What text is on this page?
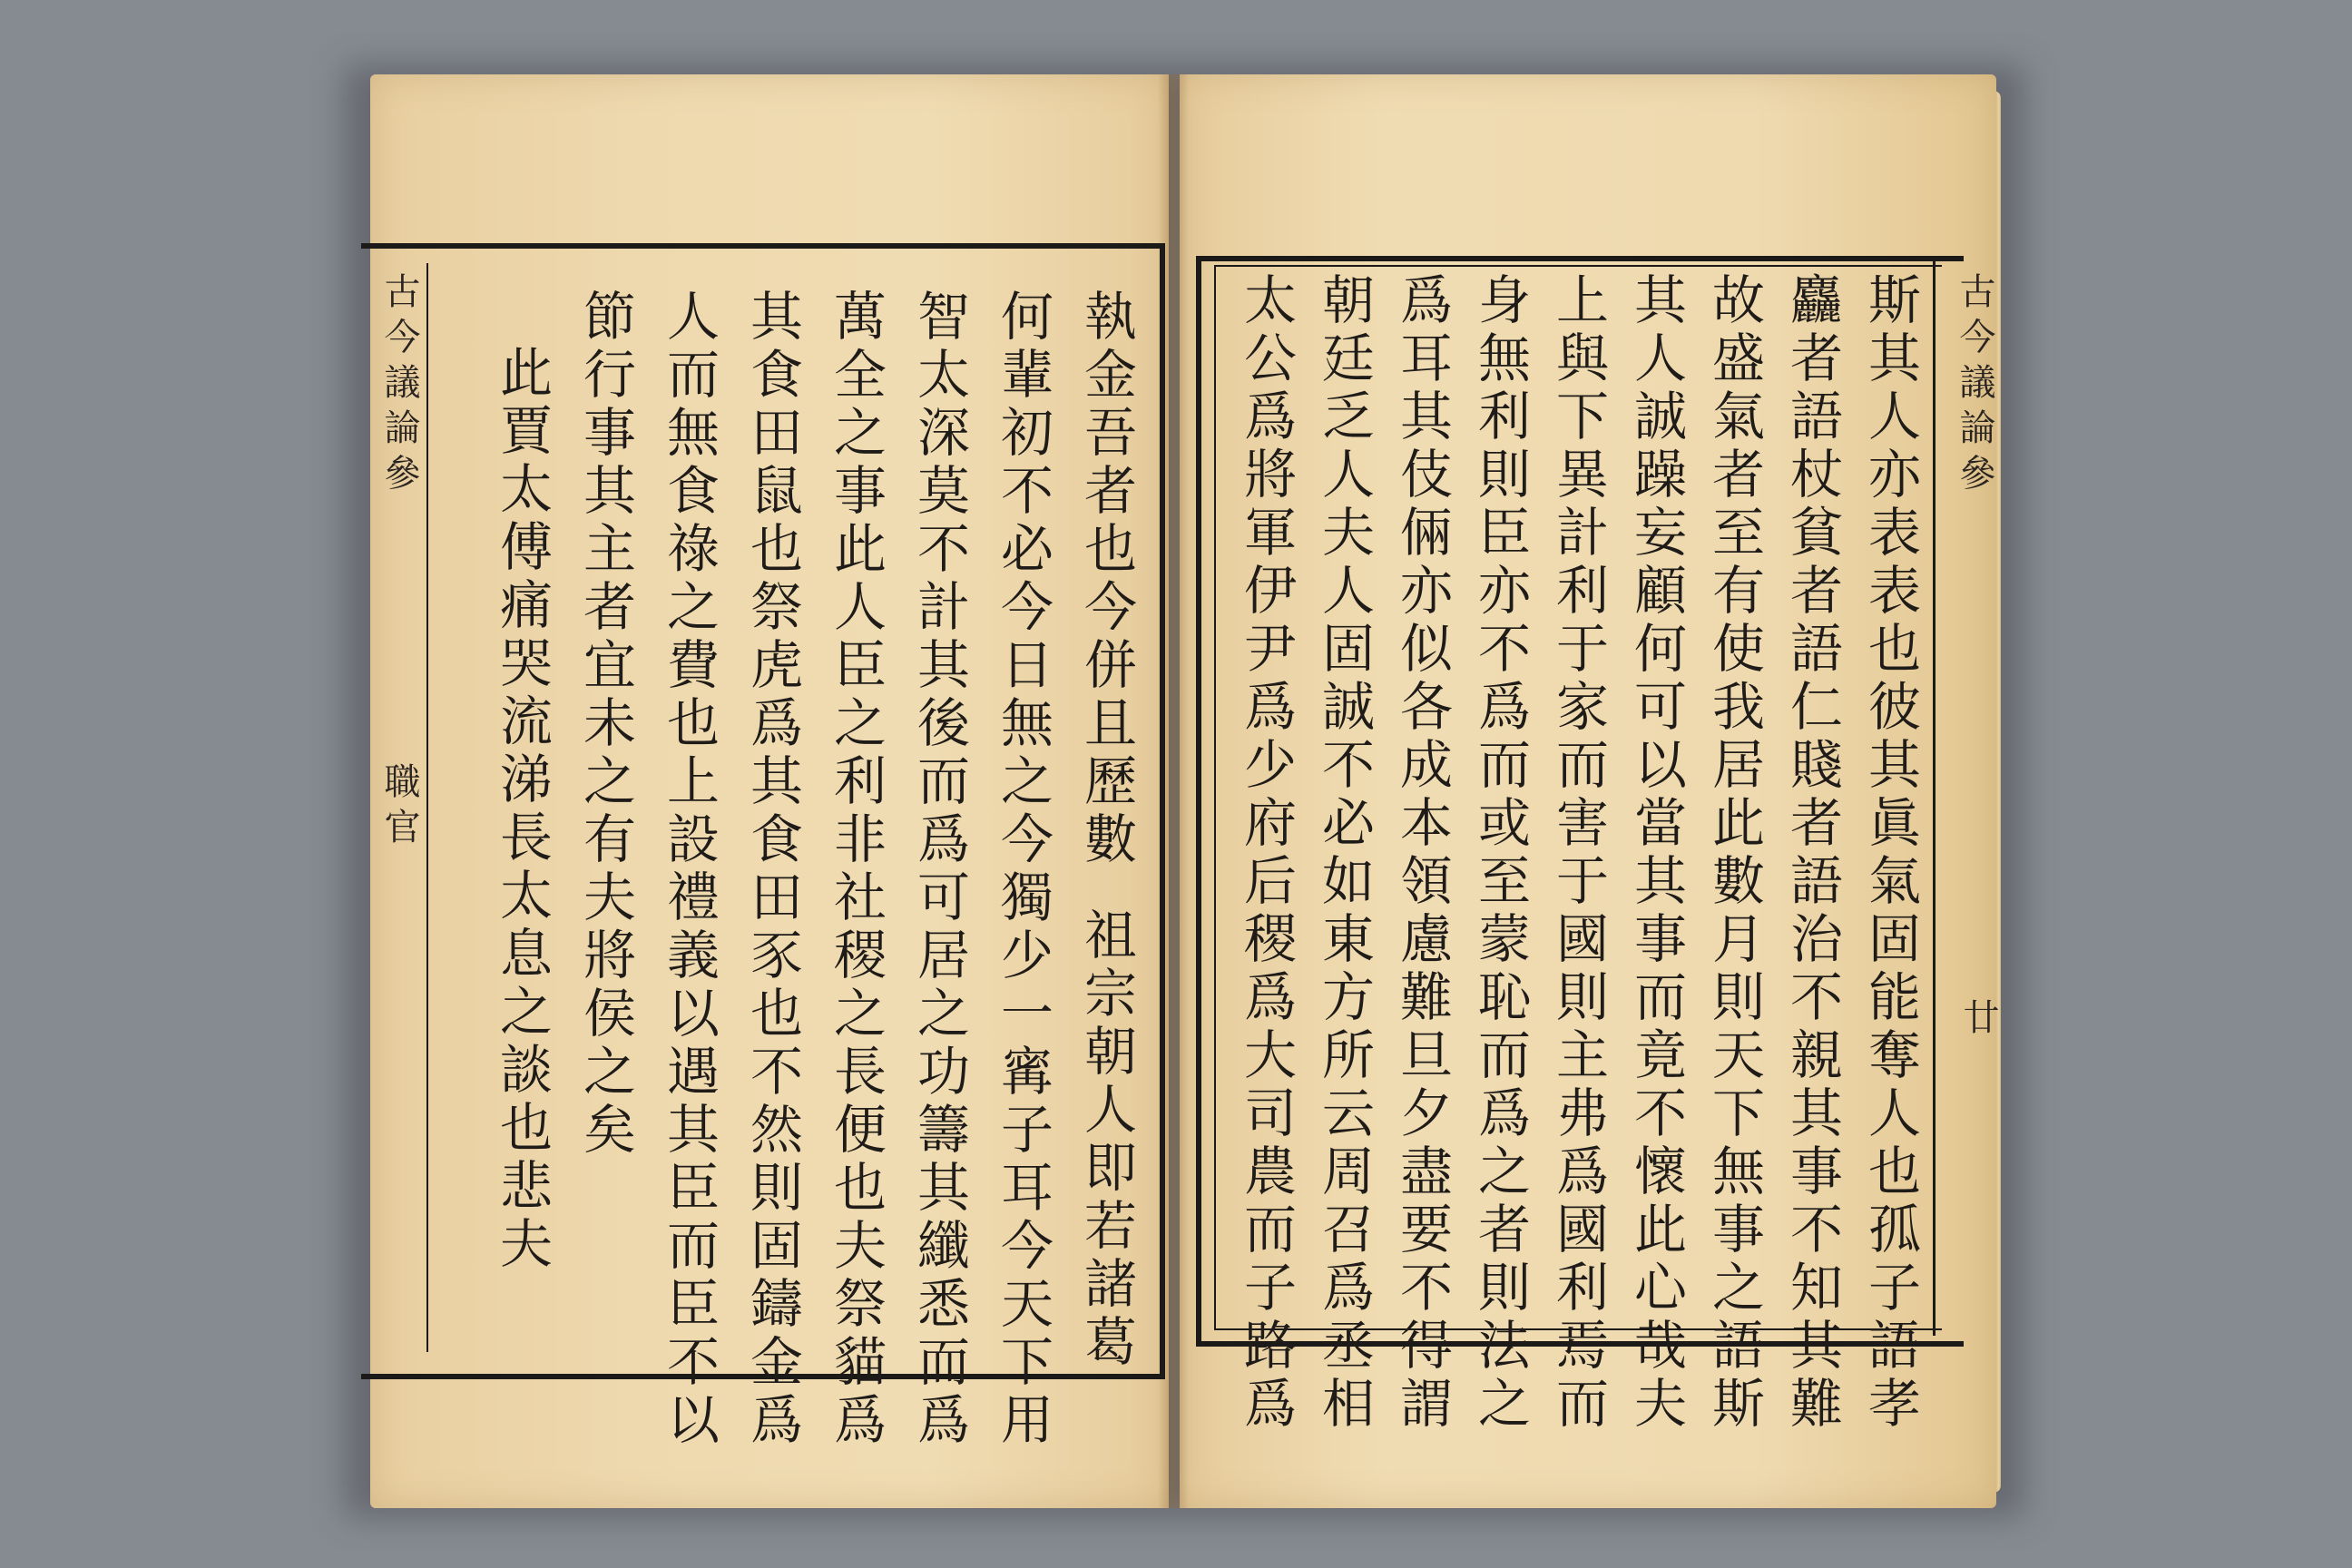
古今議論參
職官	執金吾者也今併且歷數
祖宗朝人即若諸葛
何輩初不必今日無之今獨少一寗子耳今天下用
智太深莫不計其後而爲可居之功籌其纖悉而爲
萬全之事此人臣之利非社稷之長便也夫祭貓爲
其食田鼠也祭虎爲其食田豕也不然則固鑄金爲
人而無食祿之費也上設禮義以遇其臣而臣不以
節行事其主者宜未之有夫將侯之矣
此賈太傅痛哭流涕長太息之談也悲夫	古今議論參
廿
斯其人亦表表也彼其眞氣固能奪人也孤子語孝
麤者語杖貧者語仁賤者語治不親其事不知其難
故盛氣者至有使我居此數月則天下無事之語斯
其人誠躁妄顧何可以當其事而竟不懷此心哉夫
上與下異計利于家而害于國則主弗爲國利焉而
身無利則臣亦不爲而或至蒙恥而爲之者則法之
爲耳其伎倆亦似各成本領慮難旦夕盡要不得謂
朝廷乏人夫人固誠不必如東方所云周召爲丞相
太公爲將軍伊尹爲少府后稷爲大司農而子路爲
